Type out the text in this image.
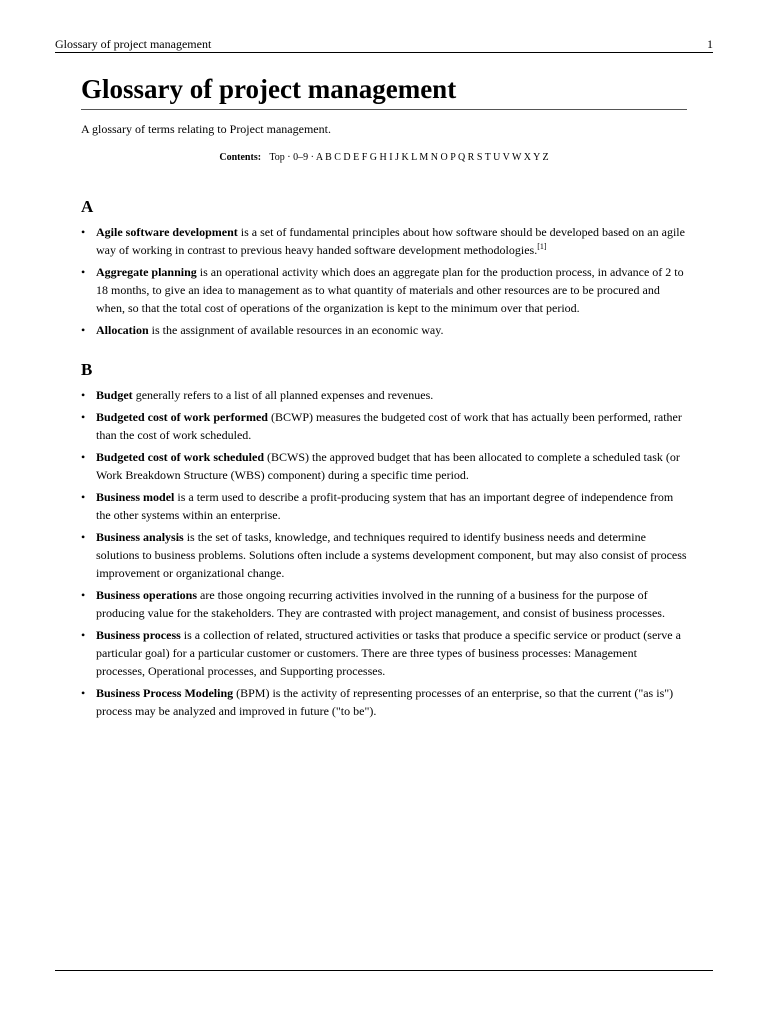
Glossary of project management	1
Glossary of project management
A glossary of terms relating to Project management.
Contents: Top · 0–9 · A B C D E F G H I J K L M N O P Q R S T U V W X Y Z
A
• Agile software development is a set of fundamental principles about how software should be developed based on an agile way of working in contrast to previous heavy handed software development methodologies.[1]
• Aggregate planning is an operational activity which does an aggregate plan for the production process, in advance of 2 to 18 months, to give an idea to management as to what quantity of materials and other resources are to be procured and when, so that the total cost of operations of the organization is kept to the minimum over that period.
• Allocation is the assignment of available resources in an economic way.
B
• Budget generally refers to a list of all planned expenses and revenues.
• Budgeted cost of work performed (BCWP) measures the budgeted cost of work that has actually been performed, rather than the cost of work scheduled.
• Budgeted cost of work scheduled (BCWS) the approved budget that has been allocated to complete a scheduled task (or Work Breakdown Structure (WBS) component) during a specific time period.
• Business model is a term used to describe a profit-producing system that has an important degree of independence from the other systems within an enterprise.
• Business analysis is the set of tasks, knowledge, and techniques required to identify business needs and determine solutions to business problems. Solutions often include a systems development component, but may also consist of process improvement or organizational change.
• Business operations are those ongoing recurring activities involved in the running of a business for the purpose of producing value for the stakeholders. They are contrasted with project management, and consist of business processes.
• Business process is a collection of related, structured activities or tasks that produce a specific service or product (serve a particular goal) for a particular customer or customers. There are three types of business processes: Management processes, Operational processes, and Supporting processes.
• Business Process Modeling (BPM) is the activity of representing processes of an enterprise, so that the current ("as is") process may be analyzed and improved in future ("to be").
